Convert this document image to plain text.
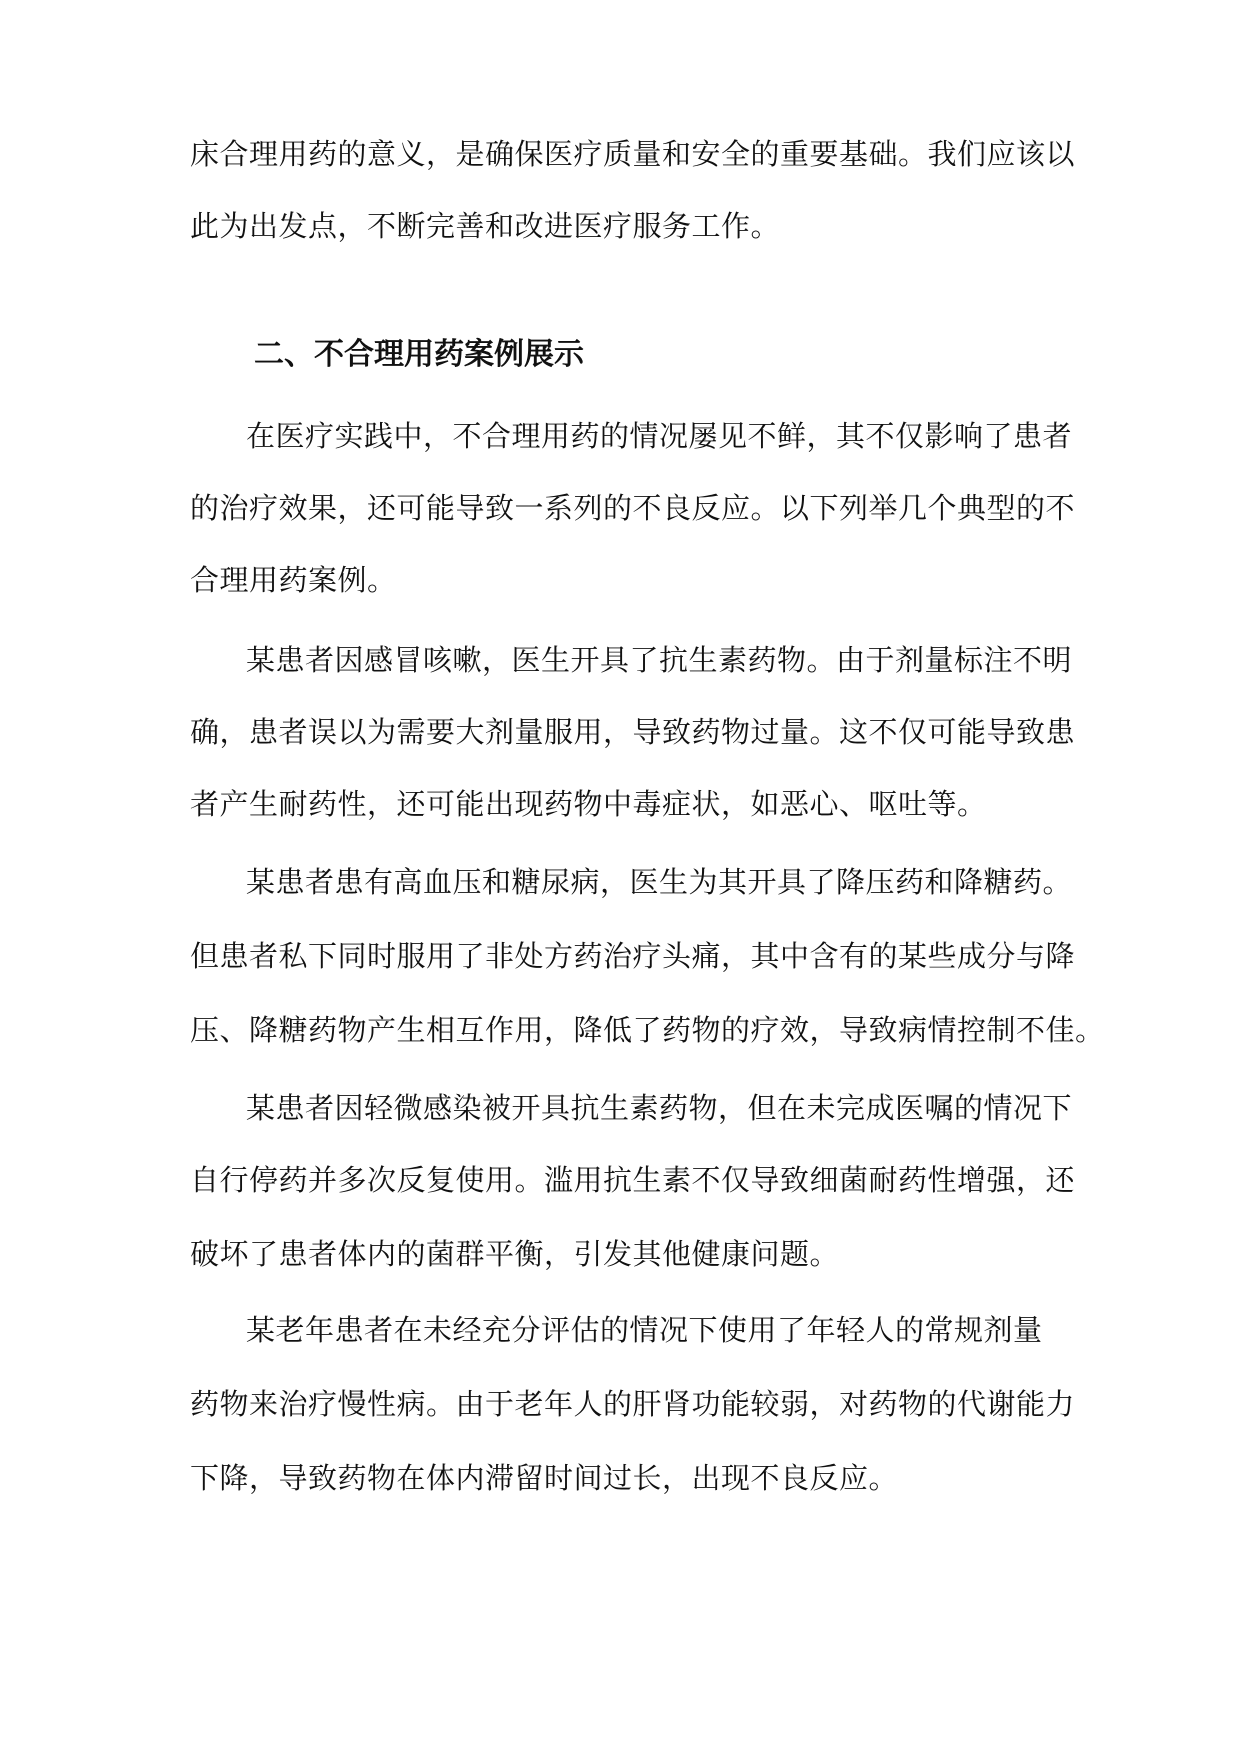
床合理用药的意义，是确保医疗质量和安全的重要基础。我们应该以
此为出发点，不断完善和改进医疗服务工作。
二、不合理用药案例展示
在医疗实践中，不合理用药的情况屡见不鲜，其不仅影响了患者
的治疗效果，还可能导致一系列的不良反应。以下列举几个典型的不
合理用药案例。
某患者因感冒咳嗽，医生开具了抗生素药物。由于剂量标注不明
确，患者误以为需要大剂量服用，导致药物过量。这不仅可能导致患
者产生耐药性，还可能出现药物中毒症状，如恶心、呕吐等。
某患者患有高血压和糖尿病，医生为其开具了降压药和降糖药。
但患者私下同时服用了非处方药治疗头痛，其中含有的某些成分与降
压、降糖药物产生相互作用，降低了药物的疗效，导致病情控制不佳。
某患者因轻微感染被开具抗生素药物，但在未完成医嘱的情况下
自行停药并多次反复使用。滥用抗生素不仅导致细菌耐药性增强，还
破坏了患者体内的菌群平衡，引发其他健康问题。
某老年患者在未经充分评估的情况下使用了年轻人的常规剂量
药物来治疗慢性病。由于老年人的肝肾功能较弱，对药物的代谢能力
下降，导致药物在体内滞留时间过长，出现不良反应。
